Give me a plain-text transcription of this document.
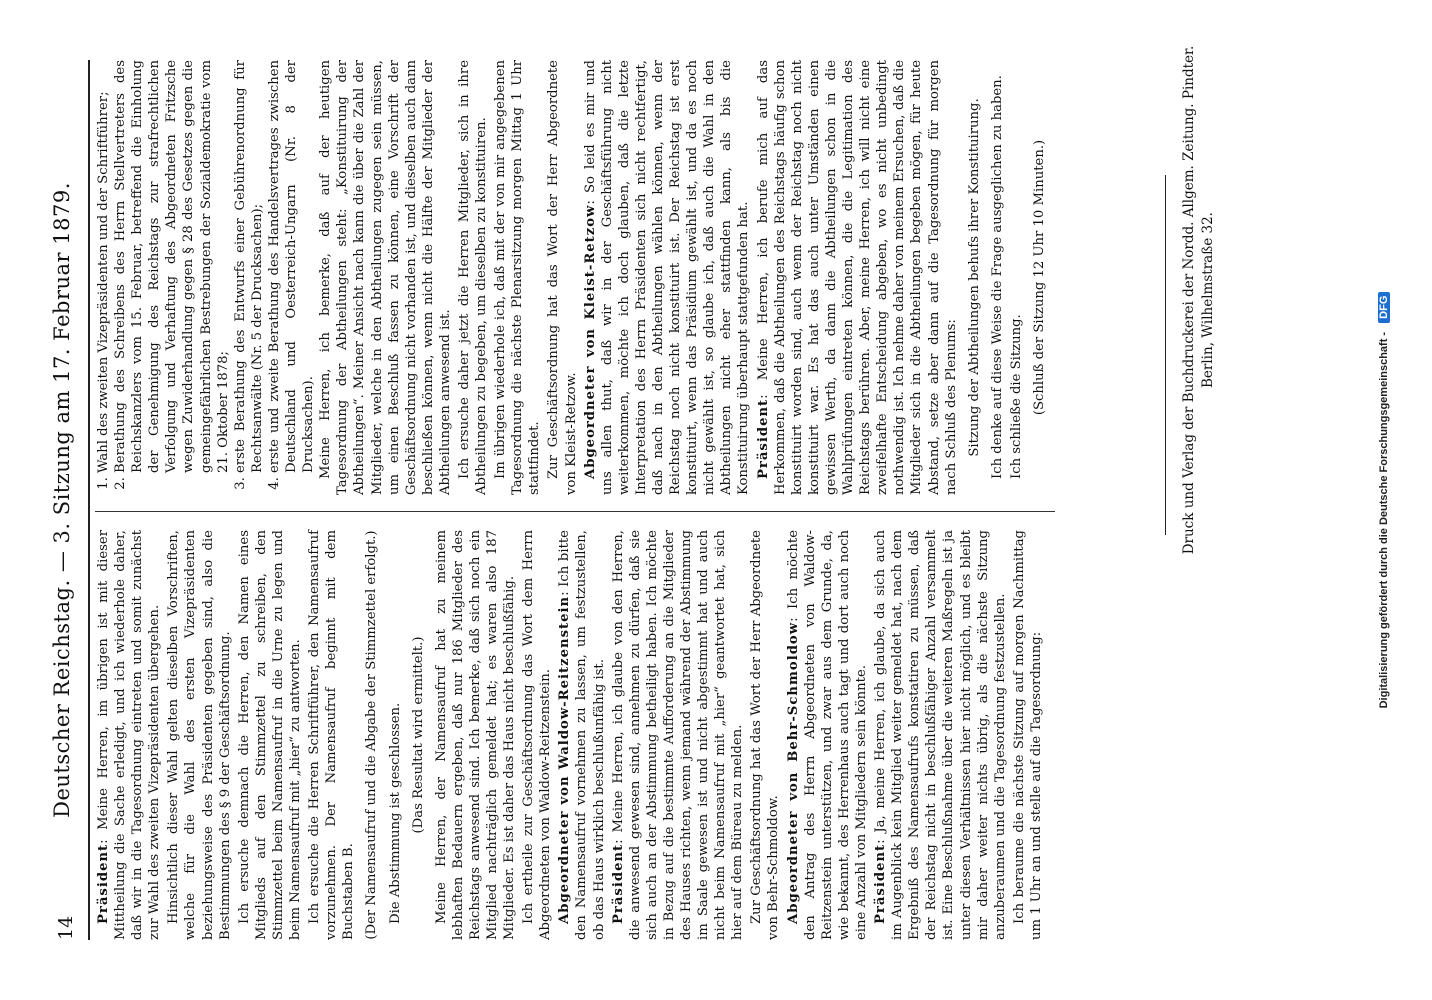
14
Deutscher Reichstag. — 3. Sitzung am 17. Februar 1879.

Präsident: Meine Herren, im übrigen ist mit dieser Mittheilung die Sache erledigt, und ich wiederhole daher, daß wir in die Tagesordnung eintreten und somit zunächst zur Wahl des zweiten Vizepräsidenten übergehen. Hinsichtlich dieser Wahl gelten dieselben Vorschriften, welche für die Wahl des ersten Vizepräsidenten beziehungsweise des Präsidenten gegeben sind, also die Bestimmungen des § 9 der Geschäftsordnung. Ich ersuche demnach die Herren, den Namen eines Mitglieds auf den Stimmzettel zu schreiben, den Stimmzettel beim Namensaufruf in die Urne zu legen und beim Namensaufruf mit „hier“ zu antworten. Ich ersuche die Herren Schriftführer, den Namensaufruf vorzunehmen. Der Namensaufruf beginnt mit dem Buchstaben B. (Der Namensaufruf und die Abgabe der Stimmzettel erfolgt.) Die Abstimmung ist geschlossen. (Das Resultat wird ermittelt.) Meine Herren, der Namensaufruf hat zu meinem lebhaften Bedauern ergeben, daß nur 186 Mitglieder des Reichstags anwesend sind. Ich bemerke, daß sich noch ein Mitglied nachträglich gemeldet hat; es waren also 187 Mitglieder. Es ist daher das Haus nicht beschlußfähig. Ich ertheile zur Geschäftsordnung das Wort dem Herrn Abgeordneten von Waldow-Reitzenstein. Abgeordneter von Waldow-Reitzenstein: Ich bitte den Namensaufruf vornehmen zu lassen, um festzustellen, ob das Haus wirklich beschlußunfähig ist. Präsident: Meine Herren, ich glaube von den Herren, die anwesend gewesen sind, annehmen zu dürfen, daß sie sich auch an der Abstimmung betheiligt haben. Ich möchte in Bezug auf die bestimmte Aufforderung an die Mitglieder des Hauses richten, wenn jemand während der Abstimmung im Saale gewesen ist und nicht abgestimmt hat und auch nicht beim Namensaufruf mit „hier“ geantwortet hat, sich hier auf dem Büreau zu melden. Zur Geschäftsordnung hat das Wort der Herr Abgeordnete von Behr-Schmoldow. Abgeordneter von Behr-Schmoldow: Ich möchte den Antrag des Herrn Abgeordneten von Waldow-Reitzenstein unterstützen, und zwar aus dem Grunde, da, wie bekannt, des Herrenhaus auch tagt und dort auch noch eine Anzahl von Mitgliedern sein könnte. Präsident: Ja, meine Herren, ich glaube, da sich auch im Augenblick kein Mitglied weiter gemeldet hat, nach dem Ergebniß des Namensaufrufs konstatiren zu müssen, daß der Reichstag nicht in beschlußfähiger Anzahl versammelt ist. Eine Beschlußnahme über die weiteren Maßregeln ist ja unter diesen Verhältnissen hier nicht möglich, und es bleibt mir daher weiter nichts übrig, als die nächste Sitzung anzuberaumen und die Tagesordnung festzustellen. Ich beraume die nächste Sitzung auf morgen Nachmittag um 1 Uhr an und stelle auf die Tagesordnung:

1. Wahl des zweiten Vizepräsidenten und der Schriftführer; 2. Berathung des Schreibens des Herrn Stellvertreters des Reichskanzlers vom 15. Februar, betreffend die Einholung der Genehmigung des Reichstags zur strafrechtlichen Verfolgung und Verhaftung des Abgeordneten Fritzsche wegen Zuwiderhandlung gegen § 28 des Gesetzes gegen die gemeingefährlichen Bestrebungen der Sozialdemokratie vom 21. Oktober 1878; 3. erste Berathung des Entwurfs einer Gebührenordnung für Rechtsanwälte (Nr. 5 der Drucksachen); 4. erste und zweite Berathung des Handelsvertrages zwischen Deutschland und Oesterreich-Ungarn (Nr. 8 der Drucksachen). Meine Herren, ich bemerke, daß auf der heutigen Tagesordnung der Abtheilungen steht: „Konstituirung der Abtheilungen“. Meiner Ansicht nach kann die über die Zahl der Mitglieder, welche in den Abtheilungen zugegen sein müssen, um einen Beschluß fassen zu können, eine Vorschrift der Geschäftsordnung nicht vorhanden ist, und dieselben auch dann beschließen können, wenn nicht die Hälfte der Mitglieder der Abtheilungen anwesend ist. Ich ersuche daher jetzt die Herren Mitglieder, sich in ihre Abtheilungen zu begeben, um dieselben zu konstituiren. Im übrigen wiederhole ich, daß mit der von mir angegebenen Tagesordnung die nächste Plenarsitzung morgen Mittag 1 Uhr stattfindet. Zur Geschäftsordnung hat das Wort der Herr Abgeordnete von Kleist-Retzow. Abgeordneter von Kleist-Retzow: So leid es mir und uns allen thut, daß wir in der Geschäftsführung nicht weiterkommen, möchte ich doch glauben, daß die letzte Interpretation des Herrn Präsidenten sich nicht rechtfertigt, daß nach in den Abtheilungen wählen können, wenn der Reichstag noch nicht konstituirt ist. Der Reichstag ist erst konstituirt, wenn das Präsidium gewählt ist, und da es noch nicht gewählt ist, so glaube ich, daß auch die Wahl in den Abtheilungen nicht eher stattfinden kann, als bis die Konstituirung überhaupt stattgefunden hat. Präsident: Meine Herren, ich berufe mich auf das Herkommen, daß die Abtheilungen des Reichstags häufig schon konstituirt worden sind, auch wenn der Reichstag noch nicht konstituirt war. Es hat das auch unter Umständen einen gewissen Werth, da dann die Abtheilungen schon in die Wahlprüfungen eintreten können, die die Legitimation des Reichstags berühren. Aber, meine Herren, ich will nicht eine zweifelhafte Entscheidung abgeben, wo es nicht unbedingt nothwendig ist. Ich nehme daher von meinem Ersuchen, daß die Mitglieder sich in die Abtheilungen begeben mögen, für heute Abstand, setze aber dann auf die Tagesordnung für morgen nach Schluß des Plenums: Sitzung der Abtheilungen behufs ihrer Konstituirung. Ich denke auf diese Weise die Frage ausgeglichen zu haben. Ich schließe die Sitzung. (Schluß der Sitzung 12 Uhr 10 Minuten.)	Druck und Verlag der Buchdruckerei der Nordd. Allgem. Zeitung. Pindter. Berlin, Wilhelmstraße 32.
Digitalisierung gefördert durch die Deutsche Forschungsgemeinschaft - DFG
